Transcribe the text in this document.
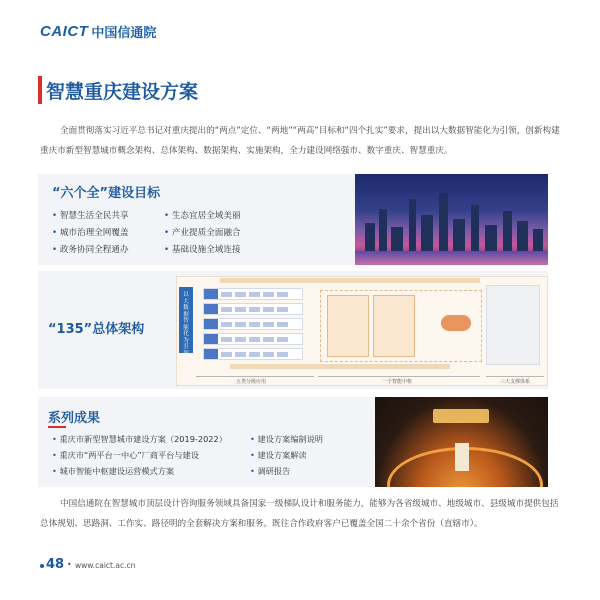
CAICT 中国信通院
智慧重庆建设方案
全面贯彻落实习近平总书记对重庆提出的“两点”定位、“两地”“两高”目标和“四个扎实”要求，提出以大数据智能化为引领，创新构建重庆市新型智慧城市概念架构、总体架构、数据架构、实施架构，全力建设网络强市、数字重庆、智慧重庆。
“六个全”建设目标
• 智慧生活全民共享
• 城市治理全网覆盖
• 政务协同全程通办
• 生态宜居全域美丽
• 产业提质全面融合
• 基础设施全域连接
“135”总体架构
以大数据智能化为引领
五类分级应用	一个智能中枢	三大支撑体系
系列成果
• 重庆市新型智慧城市建设方案（2019-2022）
• 重庆市“两平台一中心”厂商平台与建设
• 城市智能中枢建设运营模式方案
• 建设方案编制说明
• 建设方案解读
• 调研报告
中国信通院在智慧城市顶层设计咨询服务领域具备国家一级梯队设计和服务能力，能够为各省级城市、地级城市、县级城市提供包括总体规划、思路洞、工作实、路径明的全套解决方案和服务。既往合作政府客户已覆盖全国二十余个省份（直辖市）。
48 • www.caict.ac.cn
